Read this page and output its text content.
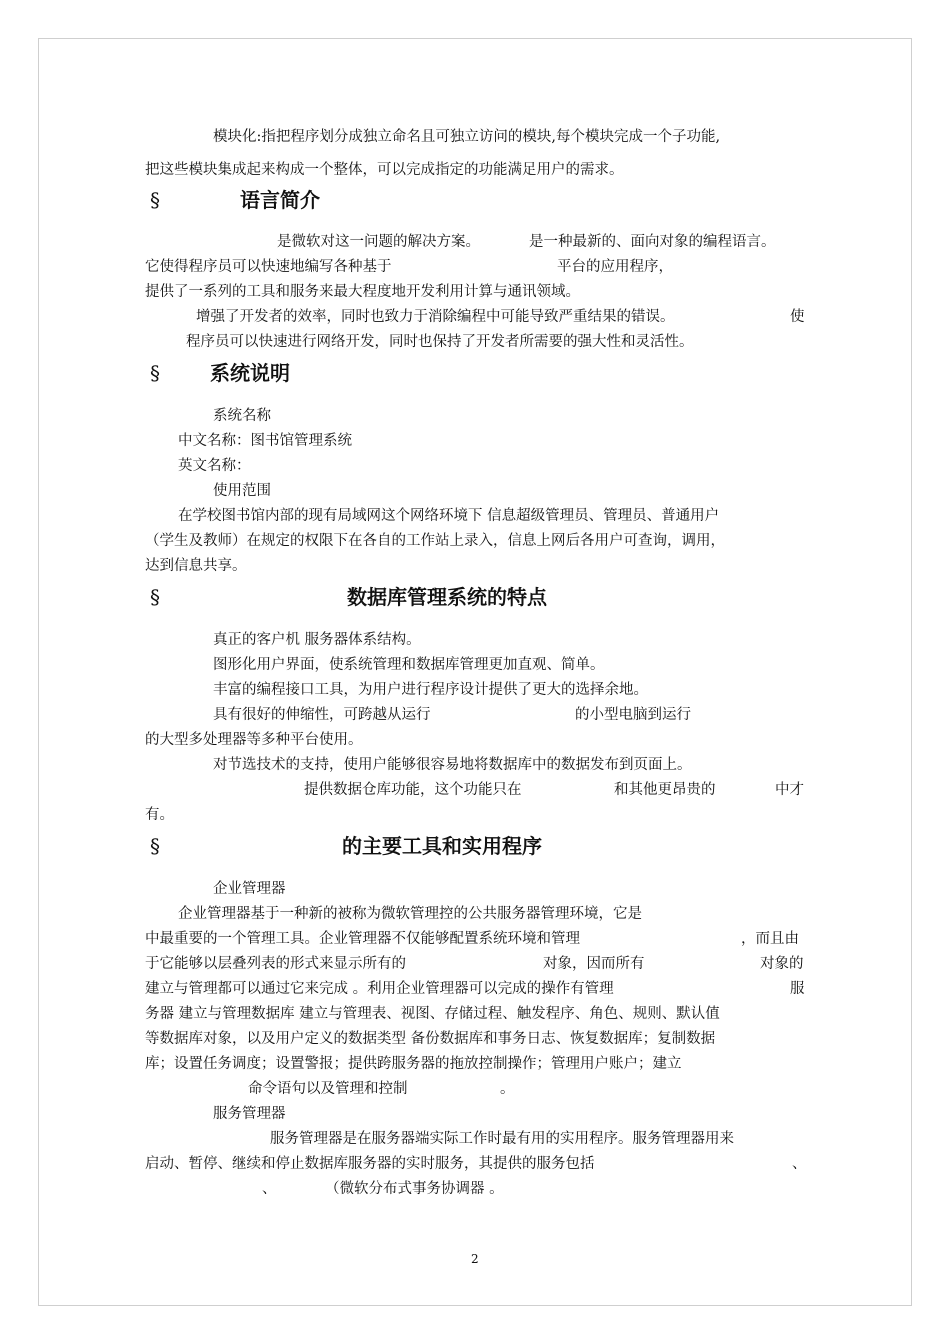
模块化:指把程序划分成独立命名且可独立访问的模块,每个模块完成一个子功能,
把这些模块集成起来构成一个整体，可以完成指定的功能满足用户的需求。
§	语言简介
是微软对这一问题的解决方案。	是一种最新的、面向对象的编程语言。
它使得程序员可以快速地编写各种基于	平台的应用程序，
提供了一系列的工具和服务来最大程度地开发利用计算与通讯领域。
增强了开发者的效率，同时也致力于消除编程中可能导致严重结果的错误。	使
程序员可以快速进行网络开发，同时也保持了开发者所需要的强大性和灵活性。
§	系统说明
系统名称
中文名称：图书馆管理系统
英文名称：
使用范围
在学校图书馆内部的现有局域网这个网络环境下 信息超级管理员、管理员、普通用户
（学生及教师）在规定的权限下在各自的工作站上录入，信息上网后各用户可查询，调用，
达到信息共享。
§	数据库管理系统的特点
真正的客户机 服务器体系结构。
图形化用户界面，使系统管理和数据库管理更加直观、简单。
丰富的编程接口工具，为用户进行程序设计提供了更大的选择余地。
具有很好的伸缩性，可跨越从运行	的小型电脑到运行
的大型多处理器等多种平台使用。
对节选技术的支持，使用户能够很容易地将数据库中的数据发布到页面上。
提供数据仓库功能，这个功能只在	和其他更昂贵的	中才
有。
§	的主要工具和实用程序
企业管理器
企业管理器基于一种新的被称为微软管理控的公共服务器管理环境，它是
中最重要的一个管理工具。企业管理器不仅能够配置系统环境和管理	，而且由
于它能够以层叠列表的形式来显示所有的	对象，因而所有	对象的
建立与管理都可以通过它来完成 。利用企业管理器可以完成的操作有管理	服
务器 建立与管理数据库 建立与管理表、视图、存储过程、触发程序、角色、规则、默认值
等数据库对象，以及用户定义的数据类型 备份数据库和事务日志、恢复数据库；复制数据
库；设置任务调度；设置警报；提供跨服务器的拖放控制操作；管理用户账户；建立
命令语句以及管理和控制	。
服务管理器
服务管理器是在服务器端实际工作时最有用的实用程序。服务管理器用来
启动、暂停、继续和停止数据库服务器的实时服务，其提供的服务包括	、
、	（微软分布式事务协调器 。
2
